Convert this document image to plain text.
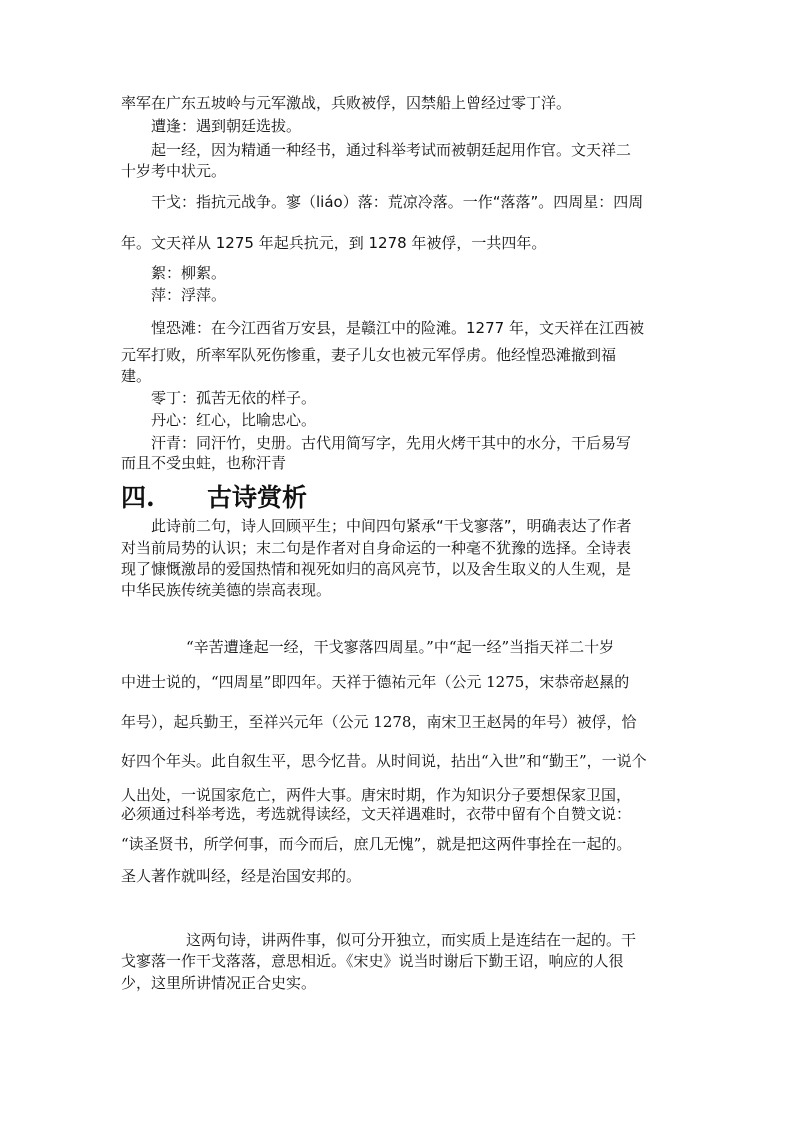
率军在广东五坡岭与元军激战，兵败被俘，囚禁船上曾经过零丁洋。
遭逢：遇到朝廷选拔。
起一经，因为精通一种经书，通过科举考试而被朝廷起用作官。文天祥二
十岁考中状元。
干戈：指抗元战争。寥（liáo）落：荒凉冷落。一作“落落”。四周星：四周
年。文天祥从 1275 年起兵抗元，到 1278 年被俘，一共四年。
絮：柳絮。
萍：浮萍。
惶恐滩：在今江西省万安县，是赣江中的险滩。1277 年，文天祥在江西被
元军打败，所率军队死伤惨重，妻子儿女也被元军俘虏。他经惶恐滩撤到福
建。
零丁：孤苦无依的样子。
丹心：红心，比喻忠心。
汗青：同汗竹，史册。古代用简写字，先用火烤干其中的水分，干后易写
而且不受虫蛀，也称汗青
四. 古诗赏析
此诗前二句，诗人回顾平生；中间四句紧承“干戈寥落”，明确表达了作者
对当前局势的认识；末二句是作者对自身命运的一种毫不犹豫的选择。全诗表
现了慷慨激昂的爱国热情和视死如归的高风亮节，以及舍生取义的人生观，是
中华民族传统美德的崇高表现。
“辛苦遭逢起一经，干戈寥落四周星。”中“起一经”当指天祥二十岁
中进士说的，“四周星”即四年。天祥于德祐元年（公元 1275，宋恭帝赵㬎的
年号），起兵勤王，至祥兴元年（公元 1278，南宋卫王赵昺的年号）被俘，恰
好四个年头。此自叙生平，思今忆昔。从时间说，拈出“入世”和“勤王”，一说个
人出处，一说国家危亡，两件大事。唐宋时期，作为知识分子要想保家卫国，
必须通过科举考选，考选就得读经，文天祥遇难时，衣带中留有个自赞文说：
“读圣贤书，所学何事，而今而后，庶几无愧”，就是把这两件事拴在一起的。
圣人著作就叫经，经是治国安邦的。
这两句诗，讲两件事，似可分开独立，而实质上是连结在一起的。干
戈寥落一作干戈落落，意思相近。《宋史》说当时谢后下勤王诏，响应的人很
少，这里所讲情况正合史实。
